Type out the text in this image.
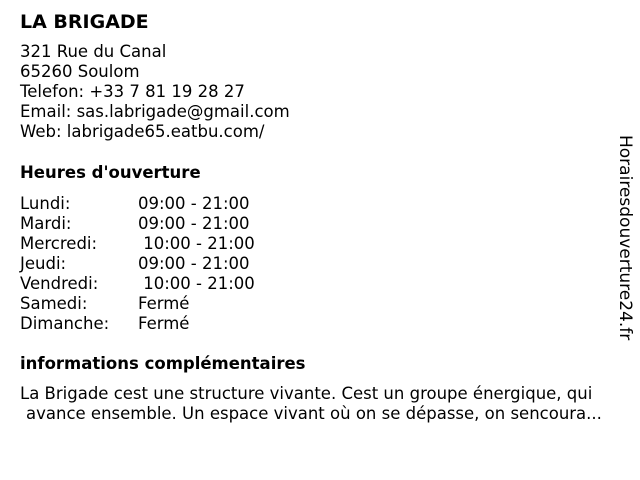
LA BRIGADE
321 Rue du Canal
65260 Soulom
Telefon: +33 7 81 19 28 27
Email: sas.labrigade@gmail.com
Web: labrigade65.eatbu.com/
Heures d'ouverture
Lundi:	09:00 - 21:00
Mardi:	09:00 - 21:00
Mercredi:	10:00 - 21:00
Jeudi:	09:00 - 21:00
Vendredi:	10:00 - 21:00
Samedi:	Fermé
Dimanche:	Fermé
informations complémentaires
La Brigade cest une structure vivante. Cest un groupe énergique, qui
avance ensemble. Un espace vivant où on se dépasse, on sencoura...
Horairesdouverture24.fr
